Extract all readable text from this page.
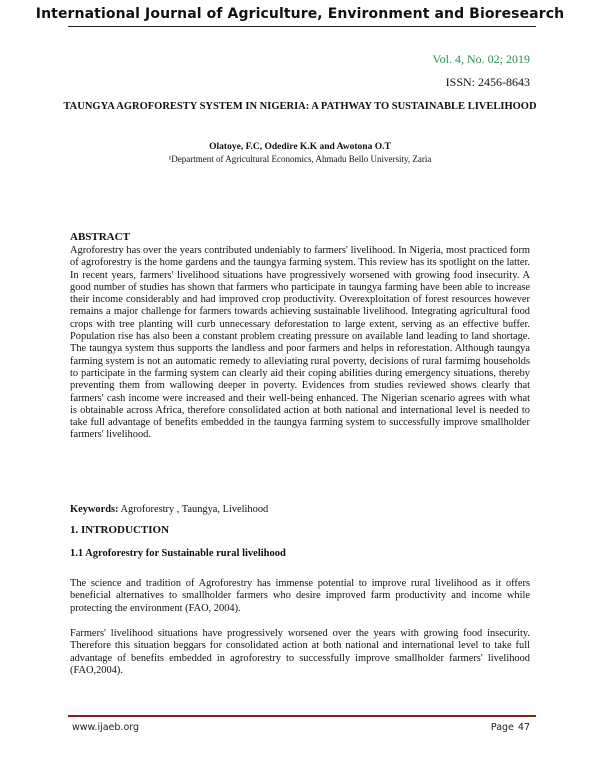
International Journal of Agriculture, Environment and Bioresearch
Vol. 4, No. 02; 2019
ISSN: 2456-8643
TAUNGYA AGROFORESTY SYSTEM IN NIGERIA: A PATHWAY TO SUSTAINABLE LIVELIHOOD
Olatoye, F.C, Odedire K.K and Awotona O.T
¹Department of Agricultural Economics, Ahmadu Bello University, Zaria
ABSTRACT
Agroforestry has over the years contributed undeniably to farmers' livelihood. In Nigeria, most practiced form of agroforestry is the home gardens and the taungya farming system. This review has its spotlight on the latter. In recent years, farmers' livelihood situations have progressively worsened with growing food insecurity. A good number of studies has shown that farmers who participate in taungya farming have been able to increase their income considerably and had improved crop productivity. Overexploitation of forest resources however remains a major challenge for farmers towards achieving sustainable livelihood. Integrating agricultural food crops with tree planting will curb unnecessary deforestation to large extent, serving as an effective buffer. Population rise has also been a constant problem creating pressure on available land leading to land shortage. The taungya system thus supports the landless and poor farmers and helps in reforestation. Although taungya farming system is not an automatic remedy to alleviating rural poverty, decisions of rural farmimg households to participate in the farming system can clearly aid their coping abilities during emergency situations, thereby preventing them from wallowing deeper in poverty. Evidences from studies reviewed shows clearly that farmers' cash income were increased and their well-being enhanced. The Nigerian scenario agrees with what is obtainable across Africa, therefore consolidated action at both national and international level is needed to take full advantage of benefits embedded in the taungya farming system to successfully improve smallholder farmers' livelihood.
Keywords: Agroforestry , Taungya, Livelihood
1. INTRODUCTION
1.1 Agroforestry for Sustainable rural livelihood
The science and tradition of Agroforestry has immense potential to improve rural livelihood as it offers beneficial alternatives to smallholder farmers who desire improved farm productivity and income while protecting the environment (FAO, 2004).
Farmers' livelihood situations have progressively worsened over the years with growing food insecurity. Therefore this situation beggars for consolidated action at both national and international level to take full advantage of benefits embedded in agroforestry to successfully improve smallholder farmers' livelihood (FAO,2004).
www.ijaeb.org	Page 47
